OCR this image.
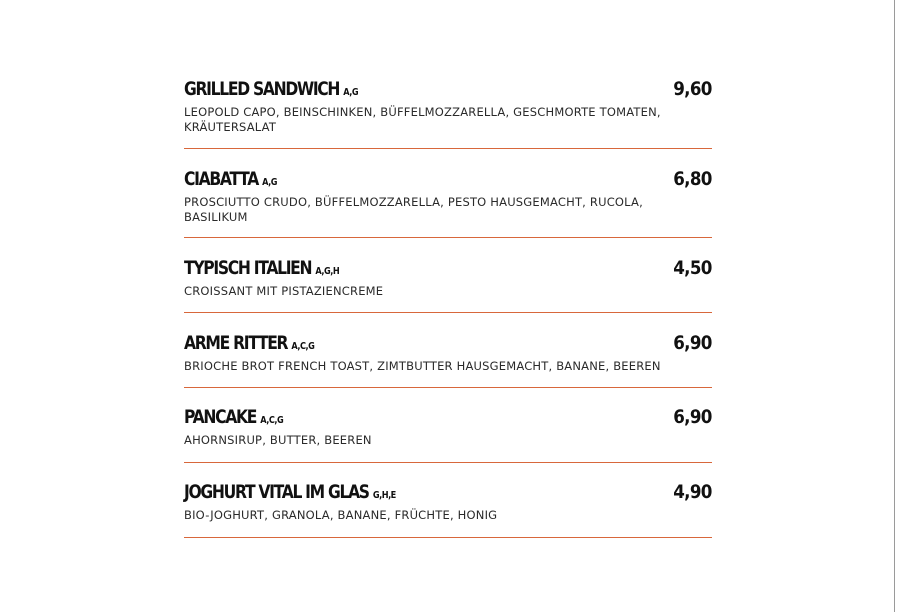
GRILLED SANDWICH A,G	9,60
LEOPOLD CAPO, BEINSCHINKEN, BÜFFELMOZZARELLA, GESCHMORTE TOMATEN, KRÄUTERSALAT
CIABATTA A,G	6,80
PROSCIUTTO CRUDO, BÜFFELMOZZARELLA, PESTO HAUSGEMACHT, RUCOLA, BASILIKUM
TYPISCH ITALIEN A,G,H	4,50
CROISSANT MIT PISTAZIENCREME
ARME RITTER A,C,G	6,90
BRIOCHE BROT FRENCH TOAST, ZIMTBUTTER HAUSGEMACHT, BANANE, BEEREN
PANCAKE A,C,G	6,90
AHORNSIRUP, BUTTER, BEEREN
JOGHURT VITAL IM GLAS G,H,E	4,90
BIO-JOGHURT, GRANOLA, BANANE, FRÜCHTE, HONIG
